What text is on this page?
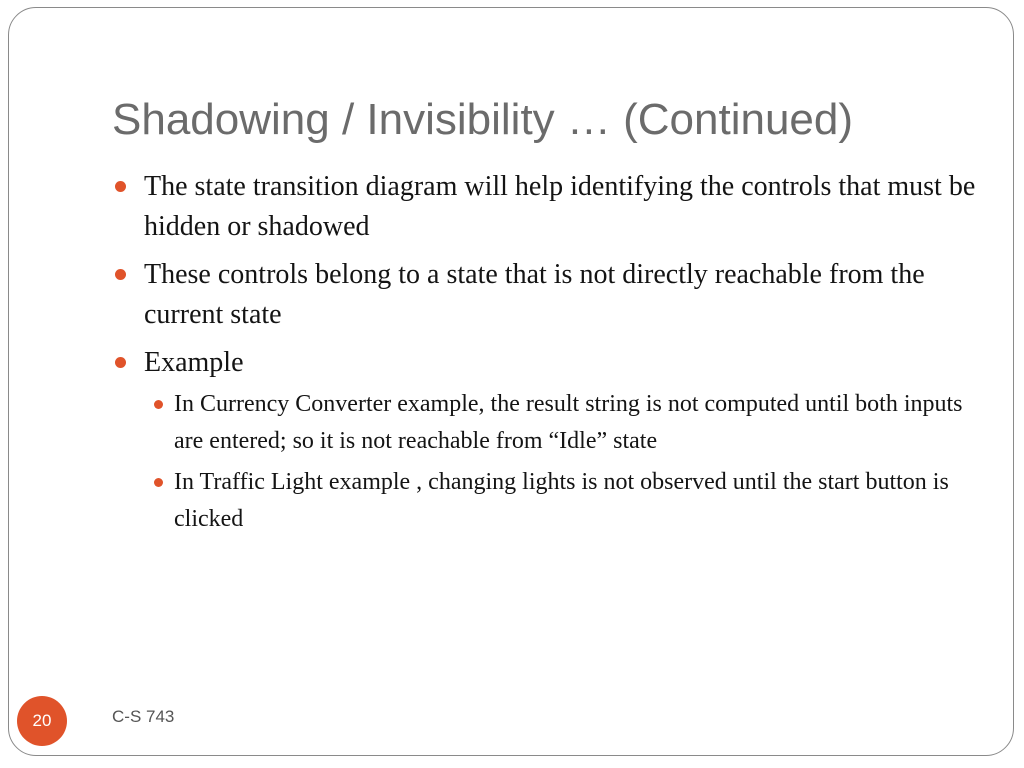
Shadowing / Invisibility … (Continued)
The state transition diagram will help identifying the controls that must be hidden or shadowed
These controls belong to a state that is not directly reachable from the current state
Example
In Currency Converter example, the result string is not computed until both inputs are entered; so it is not reachable from “Idle” state
In Traffic Light example , changing lights is not observed until the start button is clicked
20	C-S 743
